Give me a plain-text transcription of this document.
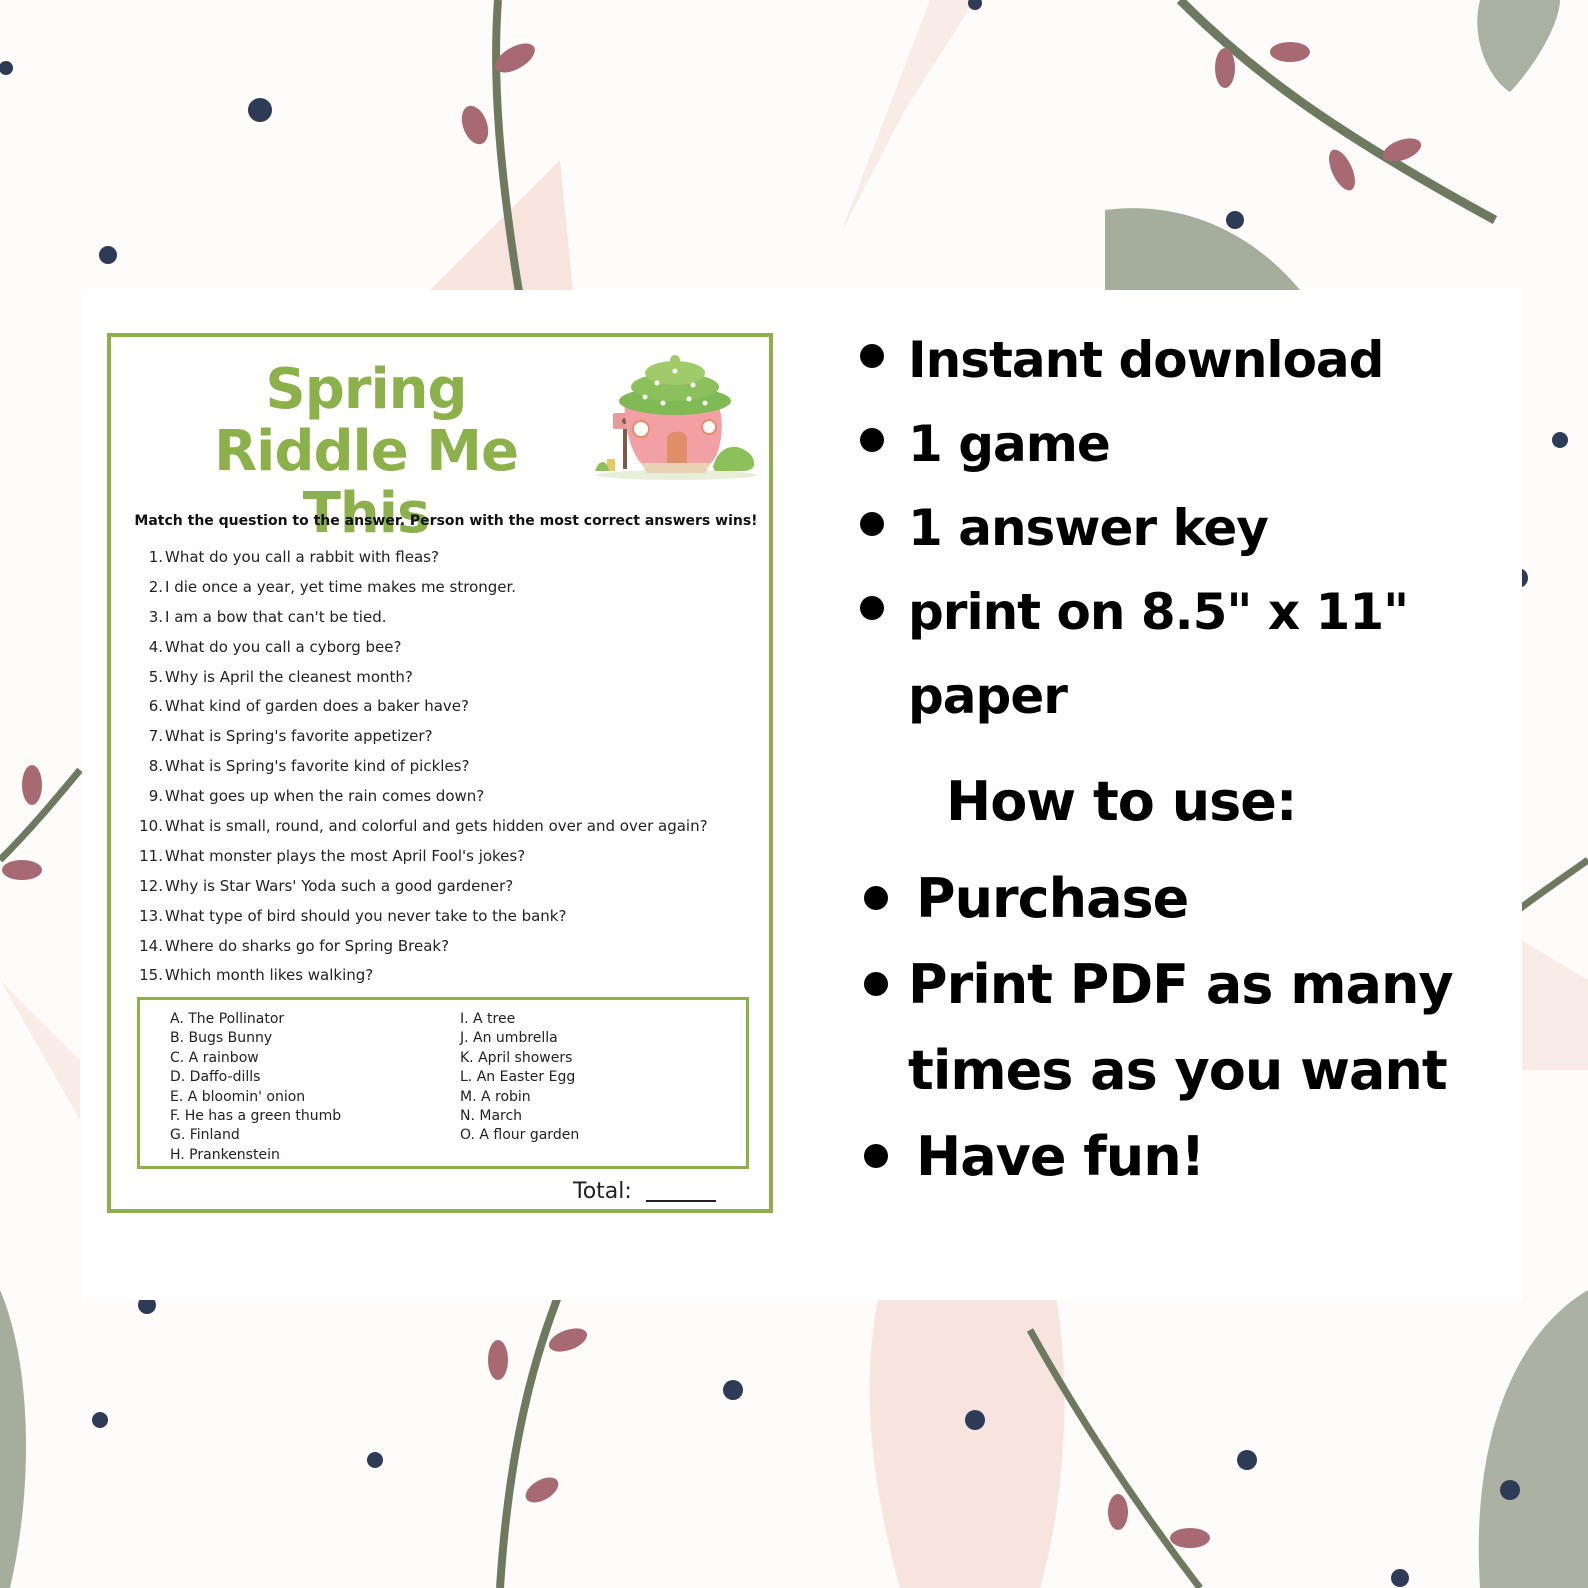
Spring
Riddle Me This
Match the question to the answer. Person with the most correct answers wins!
1. What do you call a rabbit with fleas?
2. I die once a year, yet time makes me stronger.
3. I am a bow that can't be tied.
4. What do you call a cyborg bee?
5. Why is April the cleanest month?
6. What kind of garden does a baker have?
7. What is Spring's favorite appetizer?
8. What is Spring's favorite kind of pickles?
9. What goes up when the rain comes down?
10. What is small, round, and colorful and gets hidden over and over again?
11. What monster plays the most April Fool's jokes?
12. Why is Star Wars' Yoda such a good gardener?
13. What type of bird should you never take to the bank?
14. Where do sharks go for Spring Break?
15. Which month likes walking?
A. The Pollinator
B. Bugs Bunny
C. A rainbow
D. Daffo-dills
E. A bloomin' onion
F. He has a green thumb
G. Finland
H. Prankenstein
I. A tree
J. An umbrella
K. April showers
L. An Easter Egg
M. A robin
N. March
O. A flour garden
Total:
Instant download
1 game
1 answer key
print on 8.5" x 11" paper
How to use:
Purchase
Print PDF as many times as you want
Have fun!
